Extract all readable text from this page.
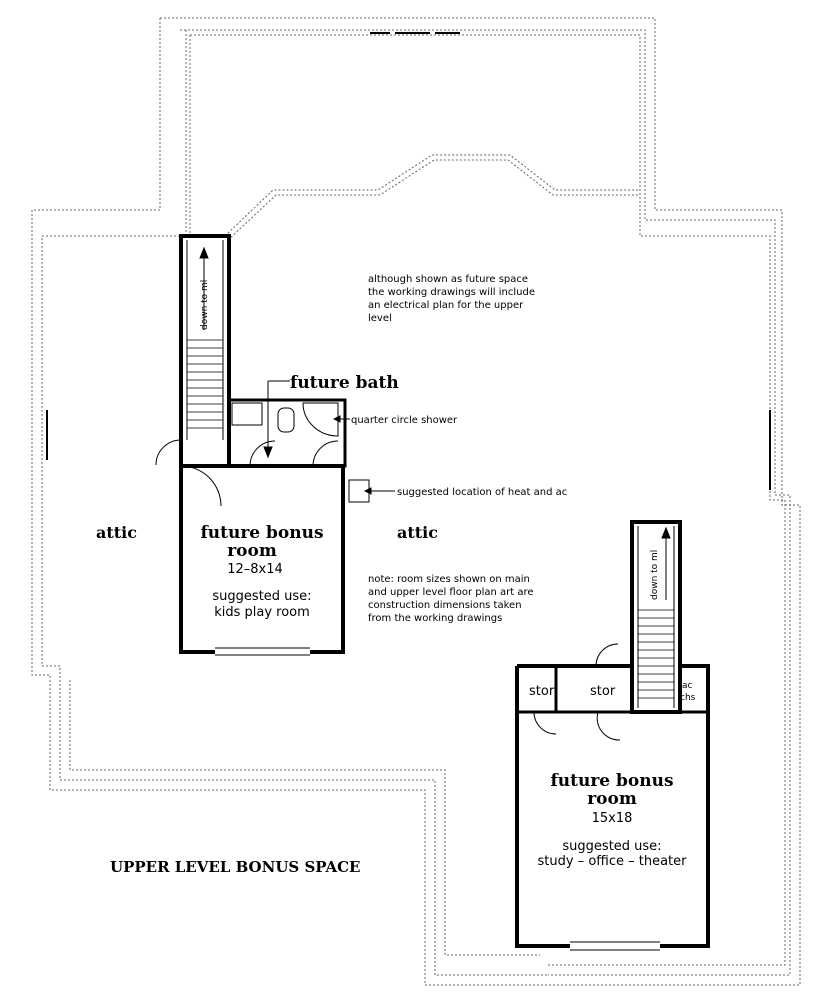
down to ml
down to ml
future bath
quarter circle shower
suggested location of heat and ac
although shown as future space the working drawings will include an electrical plan for the upper level
note: room sizes shown on main and upper level floor plan art are construction dimensions taken from the working drawings
attic	attic
future bonus
room
12–8x14
suggested use:
kids play room
stor	stor	ac
chs
future bonus
room
15x18
suggested use:
study – office – theater
UPPER LEVEL BONUS SPACE
